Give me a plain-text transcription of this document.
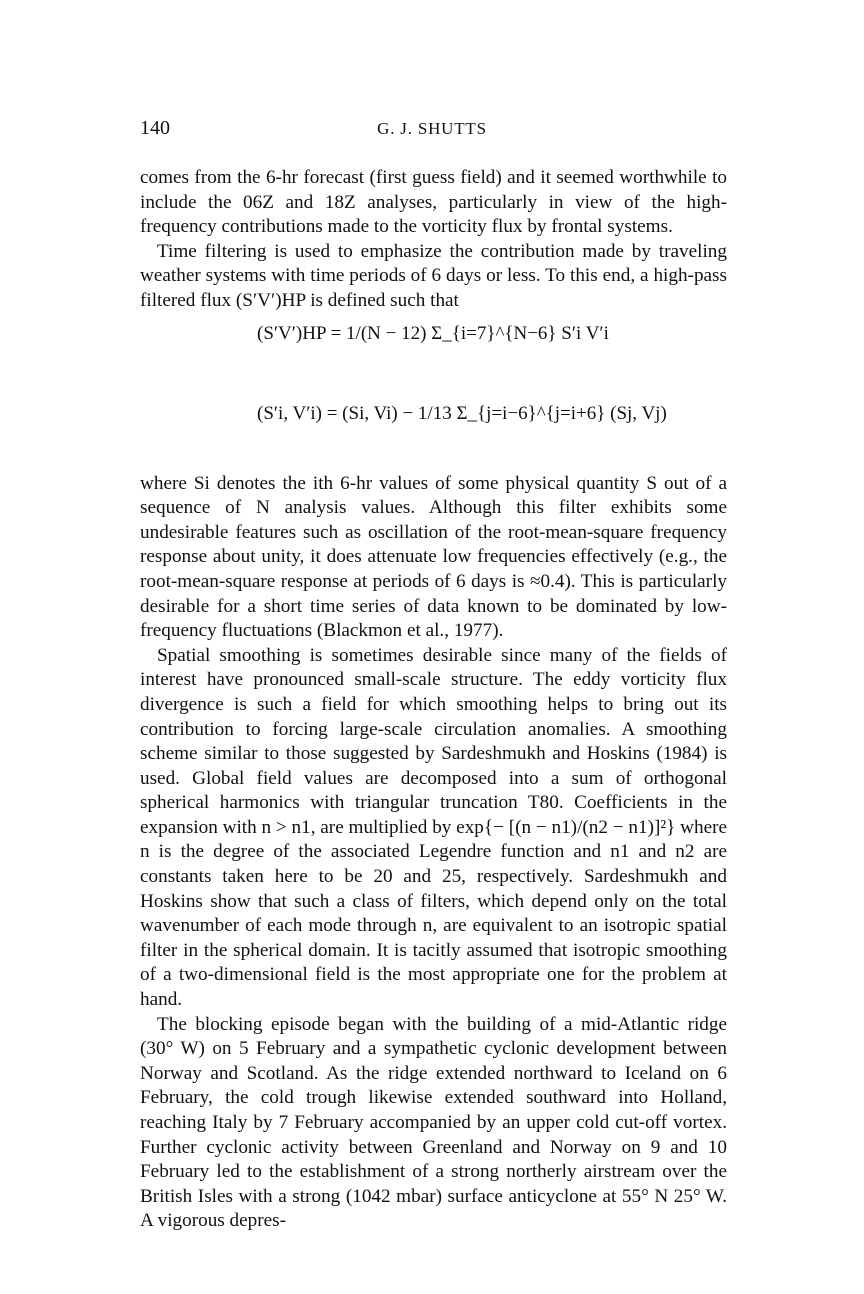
140	G. J. SHUTTS

comes from the 6-hr forecast (first guess field) and it seemed worthwhile to include the 06Z and 18Z analyses, particularly in view of the high-frequency contributions made to the vorticity flux by frontal systems.

Time filtering is used to emphasize the contribution made by traveling weather systems with time periods of 6 days or less. To this end, a high-pass filtered flux (S′V′)HP is defined such that

(S′V′)HP = 1/(N − 12) Σ_{i=7}^{N−6} S′i V′i
(S′i, V′i) = (Si, Vi) − 1/13 Σ_{j=i−6}^{j=i+6} (Sj, Vj)

where Si denotes the ith 6-hr values of some physical quantity S out of a sequence of N analysis values. Although this filter exhibits some undesirable features such as oscillation of the root-mean-square frequency response about unity, it does attenuate low frequencies effectively (e.g., the root-mean-square response at periods of 6 days is ≈0.4). This is particularly desirable for a short time series of data known to be dominated by low-frequency fluctuations (Blackmon et al., 1977).

Spatial smoothing is sometimes desirable since many of the fields of interest have pronounced small-scale structure. The eddy vorticity flux divergence is such a field for which smoothing helps to bring out its contribution to forcing large-scale circulation anomalies. A smoothing scheme similar to those suggested by Sardeshmukh and Hoskins (1984) is used. Global field values are decomposed into a sum of orthogonal spherical harmonics with triangular truncation T80. Coefficients in the expansion with n > n1, are multiplied by exp{− [(n − n1)/(n2 − n1)]²} where n is the degree of the associated Legendre function and n1 and n2 are constants taken here to be 20 and 25, respectively. Sardeshmukh and Hoskins show that such a class of filters, which depend only on the total wavenumber of each mode through n, are equivalent to an isotropic spatial filter in the spherical domain. It is tacitly assumed that isotropic smoothing of a two-dimensional field is the most appropriate one for the problem at hand.

The blocking episode began with the building of a mid-Atlantic ridge (30° W) on 5 February and a sympathetic cyclonic development between Norway and Scotland. As the ridge extended northward to Iceland on 6 February, the cold trough likewise extended southward into Holland, reaching Italy by 7 February accompanied by an upper cold cut-off vortex. Further cyclonic activity between Greenland and Norway on 9 and 10 February led to the establishment of a strong northerly airstream over the British Isles with a strong (1042 mbar) surface anticyclone at 55° N 25° W. A vigorous depres-
